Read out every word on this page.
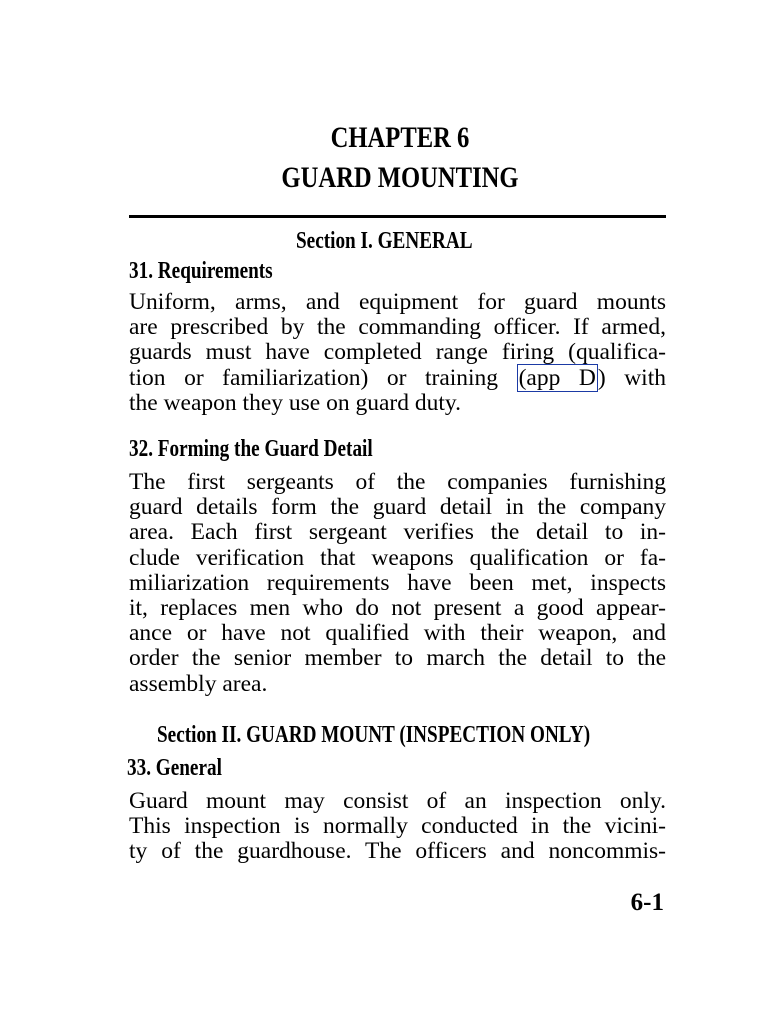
CHAPTER 6
GUARD MOUNTING
Section I. GENERAL
31. Requirements
Uniform, arms, and equipment for guard mounts
are prescribed by the commanding officer. If armed,
guards must have completed range firing (qualifica-
tion or familiarization) or training (app D) with
the weapon they use on guard duty.
32. Forming the Guard Detail
The first sergeants of the companies furnishing
guard details form the guard detail in the company
area. Each first sergeant verifies the detail to in-
clude verification that weapons qualification or fa-
miliarization requirements have been met, inspects
it, replaces men who do not present a good appear-
ance or have not qualified with their weapon, and
order the senior member to march the detail to the
assembly area.
Section II. GUARD MOUNT (INSPECTION ONLY)
33. General
Guard mount may consist of an inspection only.
This inspection is normally conducted in the vicini-
ty of the guardhouse. The officers and noncommis-
6-1
